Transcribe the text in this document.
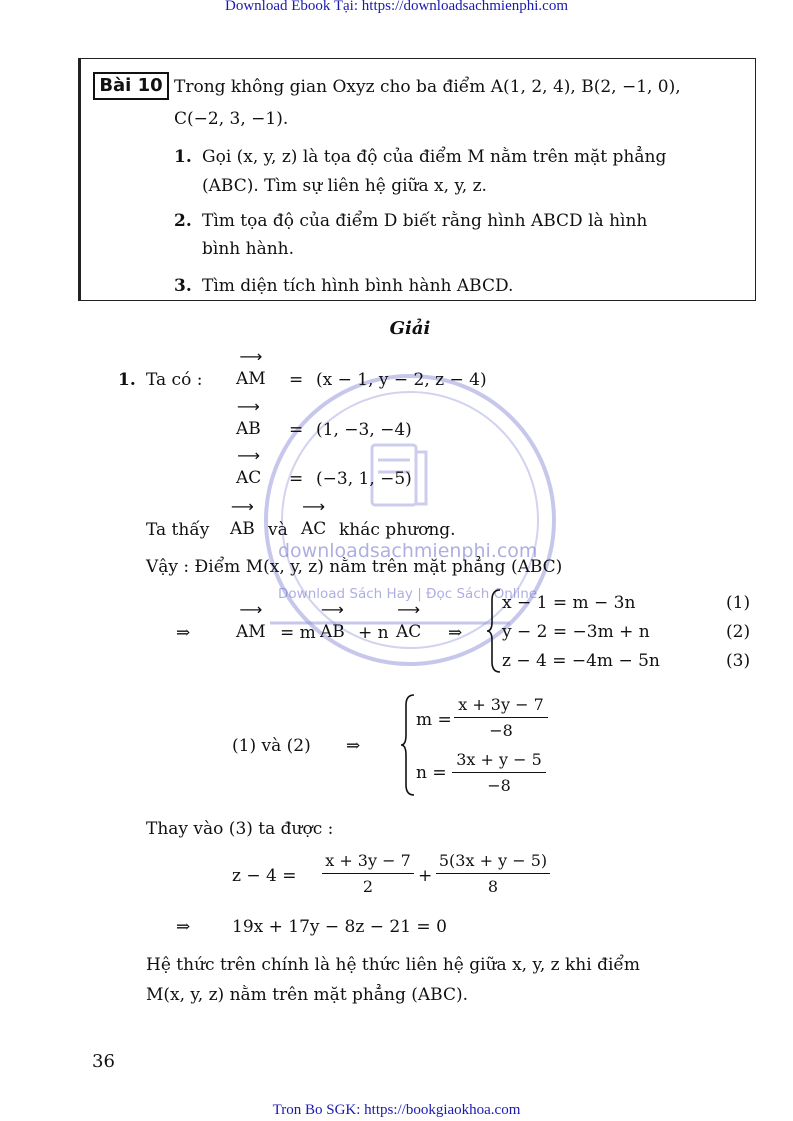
Download Ebook Tại: https://downloadsachmienphi.com
downloadsachmienphi.com
Download Sách Hay | Đọc Sách Online
Bài 10 Trong không gian Oxyz cho ba điểm A(1, 2, 4), B(2, −1, 0),
C(−2, 3, −1).
1. Gọi (x, y, z) là tọa độ của điểm M nằm trên mặt phẳng
(ABC). Tìm sự liên hệ giữa x, y, z.
2. Tìm tọa độ của điểm D biết rằng hình ABCD là hình
bình hành.
3. Tìm diện tích hình bình hành ABCD.
Giải
1. Ta có :
⟶
AM = (x − 1, y − 2, z − 4)
⟶
AB = (1, −3, −4)
⟶
AC = (−3, 1, −5)
Ta thấy
⟶
AB và
⟶
AC khác phương.
Vậy : Điểm M(x, y, z) nằm trên mặt phẳng (ABC)
⇒
⟶
AM = m
⟶
AB + n
⟶
AC ⇒
x − 1 = m − 3n	(1)
y − 2 = −3m + n	(2)
z − 4 = −4m − 5n	(3)
(1) và (2) ⇒
m =
x + 3y − 7
−8
n =
3x + y − 5
−8
Thay vào (3) ta được :
z − 4 =
x + 3y − 7
2
+
5(3x + y − 5)
8
⇒ 19x + 17y − 8z − 21 = 0
Hệ thức trên chính là hệ thức liên hệ giữa x, y, z khi điểm
M(x, y, z) nằm trên mặt phẳng (ABC).
36
Tron Bo SGK: https://bookgiaokhoa.com
